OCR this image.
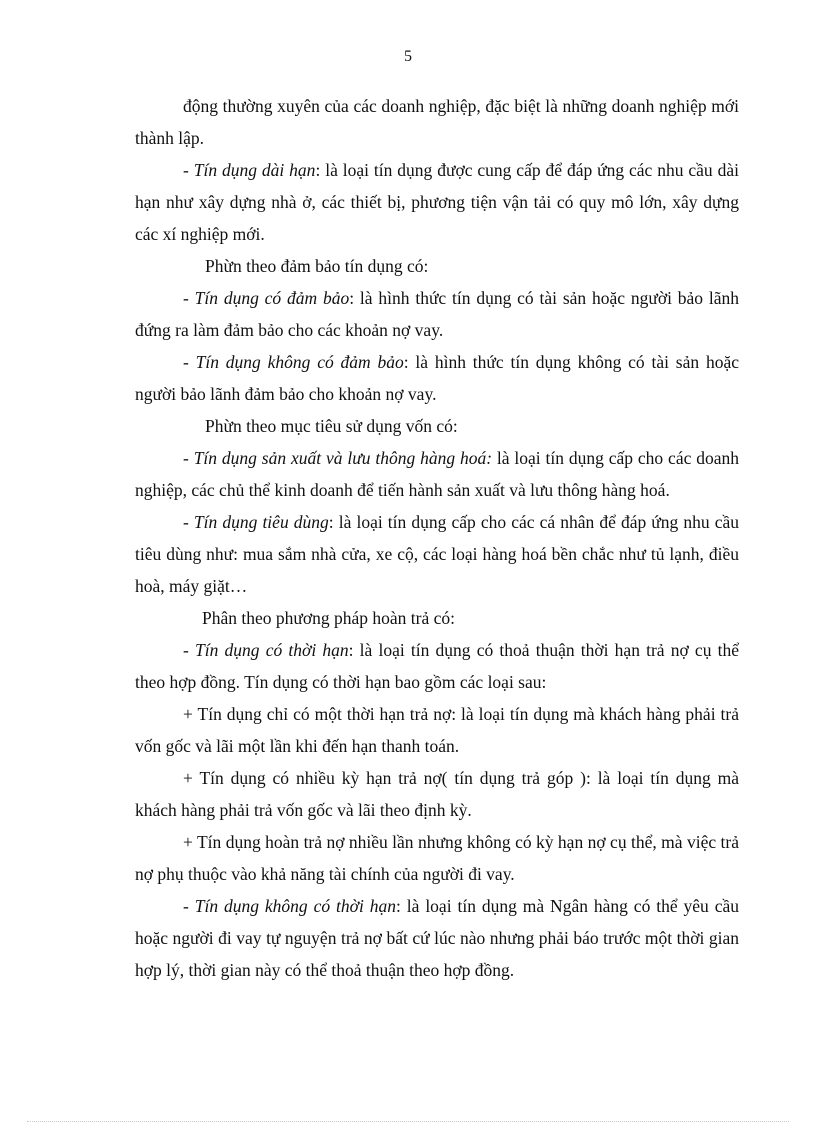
5

động thường xuyên của các doanh nghiệp, đặc biệt là những doanh nghiệp mới thành lập.

- Tín dụng dài hạn: là loại tín dụng được cung cấp để đáp ứng các nhu cầu dài hạn như xây dựng nhà ở, các thiết bị, phương tiện vận tải có quy mô lớn, xây dựng các xí nghiệp mới.

Phừn theo đảm bảo tín dụng có:

- Tín dụng có đảm bảo: là hình thức tín dụng có tài sản hoặc người bảo lãnh đứng ra làm đảm bảo cho các khoản nợ vay.

- Tín dụng không có đảm bảo: là hình thức tín dụng không có tài sản hoặc người bảo lãnh đảm bảo cho khoản nợ vay.

Phừn theo mục tiêu sử dụng vốn có:

- Tín dụng sản xuất và lưu thông hàng hoá: là loại tín dụng cấp cho các doanh nghiệp, các chủ thể kinh doanh để tiến hành sản xuất và lưu thông hàng hoá.

- Tín dụng tiêu dùng: là loại tín dụng cấp cho các cá nhân để đáp ứng nhu cầu tiêu dùng như: mua sắm nhà cửa, xe cộ, các loại hàng hoá bền chắc như tủ lạnh, điều hoà, máy giặt…

Phân theo phương pháp hoàn trả có:

- Tín dụng có thời hạn: là loại tín dụng có thoả thuận thời hạn trả nợ cụ thể theo hợp đồng. Tín dụng có thời hạn bao gồm các loại sau:

+ Tín dụng chỉ có một thời hạn trả nợ: là loại tín dụng mà khách hàng phải trả vốn gốc và lãi một lần khi đến hạn thanh toán.

+ Tín dụng có nhiều kỳ hạn trả nợ( tín dụng trả góp ): là loại tín dụng mà khách hàng phải trả vốn gốc và lãi theo định kỳ.

+ Tín dụng hoàn trả nợ nhiều lần nhưng không có kỳ hạn nợ cụ thể, mà việc trả nợ phụ thuộc vào khả năng tài chính của người đi vay.

- Tín dụng không có thời hạn: là loại tín dụng mà Ngân hàng có thể yêu cầu hoặc người đi vay tự nguyện trả nợ bất cứ lúc nào nhưng phải báo trước một thời gian hợp lý, thời gian này có thể thoả thuận theo hợp đồng.
